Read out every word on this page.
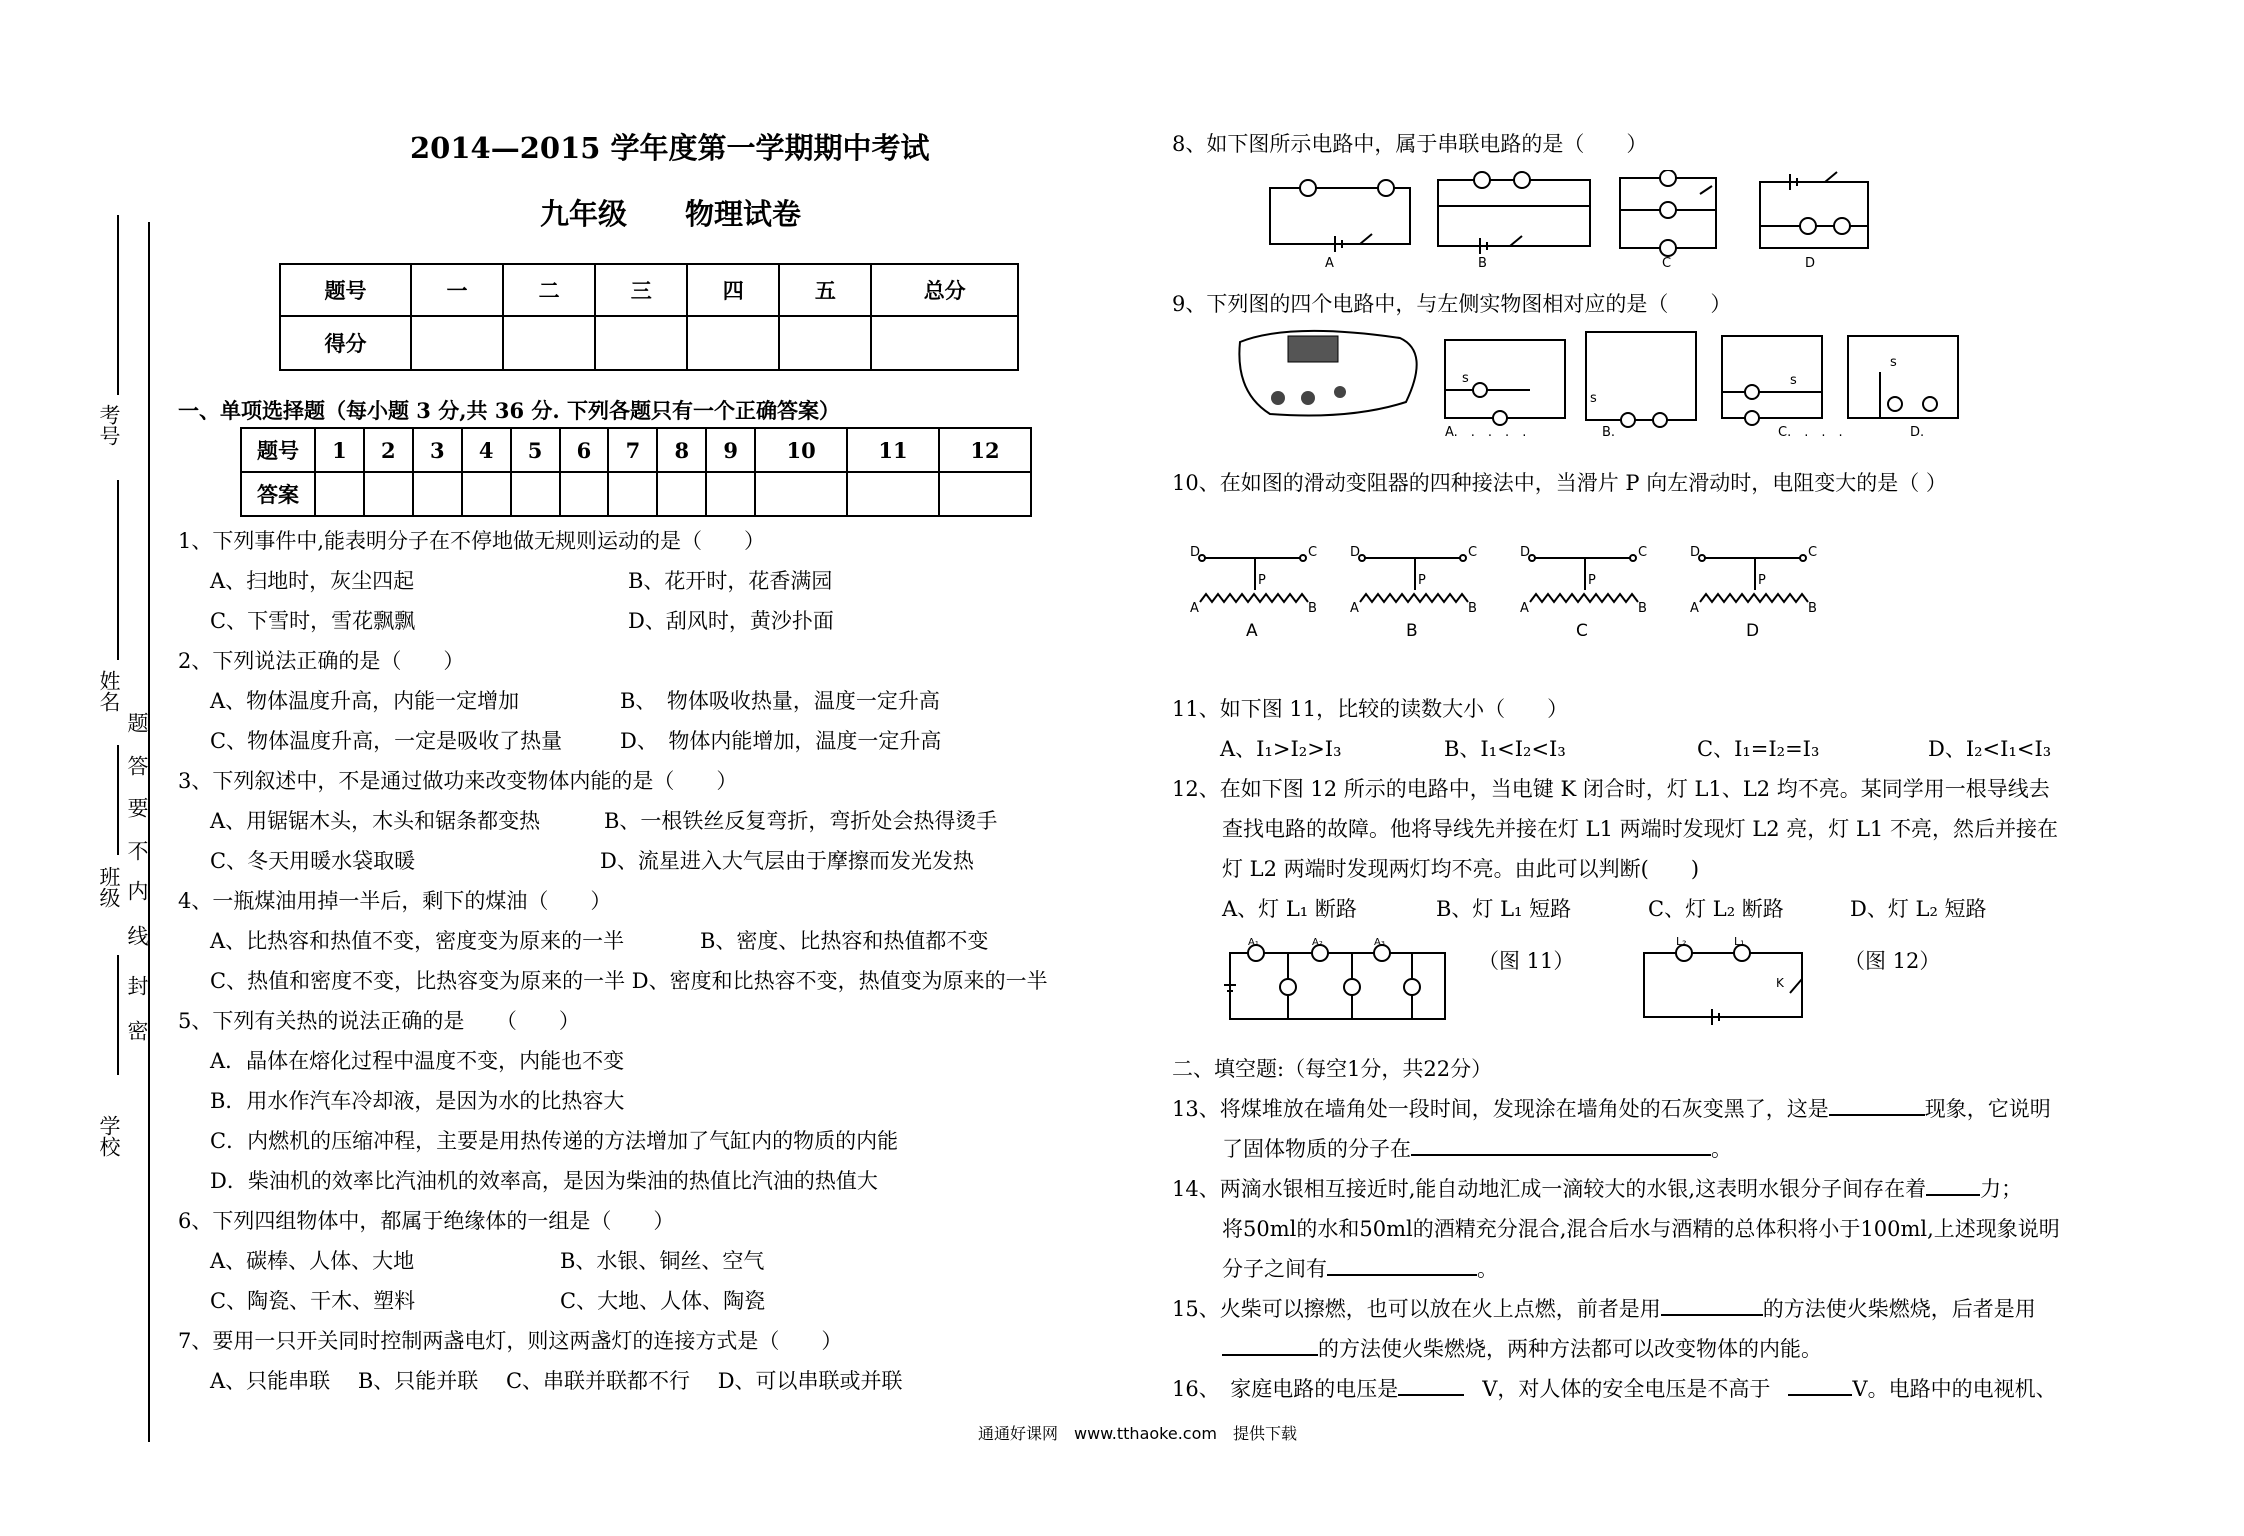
2014—2015 学年度第一学期期中考试
九年级　　物理试卷
题号	一	二	三	四	五	总分
得分						
考号
姓名
班级
学校
密
封
线
内
不
要
答
题
一、单项选择题（每小题 3 分,共 36 分. 下列各题只有一个正确答案）
题号	1	2	3	4	5	6	7	8	9	10	11	12
答案												
1、下列事件中,能表明分子在不停地做无规则运动的是（　　）
A、扫地时，灰尘四起	B、花开时，花香满园
C、下雪时，雪花飘飘	D、刮风时，黄沙扑面
2、下列说法正确的是（　　）
A、物体温度升高，内能一定增加	B、　物体吸收热量，温度一定升高
C、物体温度升高，一定是吸收了热量	D、　物体内能增加，温度一定升高
3、下列叙述中，不是通过做功来改变物体内能的是（　　）
A、用锯锯木头，木头和锯条都变热	B、一根铁丝反复弯折，弯折处会热得烫手
C、冬天用暖水袋取暖	D、流星进入大气层由于摩擦而发光发热
4、一瓶煤油用掉一半后，剩下的煤油（　　）
A、比热容和热值不变，密度变为原来的一半	B、密度、比热容和热值都不变
C、热值和密度不变，比热容变为原来的一半 D、密度和比热容不变，热值变为原来的一半
5、下列有关热的说法正确的是　　（　　）
A．晶体在熔化过程中温度不变，内能也不变
B．用水作汽车冷却液，是因为水的比热容大
C．内燃机的压缩冲程，主要是用热传递的方法增加了气缸内的物质的内能
D．柴油机的效率比汽油机的效率高，是因为柴油的热值比汽油的热值大
6、下列四组物体中，都属于绝缘体的一组是（　　）
A、碳棒、人体、大地	B、水银、铜丝、空气
C、陶瓷、干木、塑料	C、大地、人体、陶瓷
7、要用一只开关同时控制两盏电灯，则这两盏灯的连接方式是（　　）
A、只能串联　 B、只能并联　 C、串联并联都不行　 D、可以串联或并联
8、如下图所示电路中，属于串联电路的是（　　）
A	B	C	D
9、下列图的四个电路中，与左侧实物图相对应的是（　　）
s
A.　.　.　.　.
s
B.
s
C.　.　.　.
s
D.
10、在如图的滑动变阻器的四种接法中，当滑片 P 向左滑动时，电阻变大的是（ ）
D	C
P
A	B
A
D	C
P
A	B
B
D	C
P
A	B
C
D	C
P
A	B
D
11、如下图 11，比较的读数大小（　　）
A、I₁>I₂>I₃	B、I₁<I₂<I₃	C、I₁=I₂=I₃	D、I₂<I₁<I₃
12、在如下图 12 所示的电路中，当电键 K 闭合时，灯 L1、L2 均不亮。某同学用一根导线去
查找电路的故障。他将导线先并接在灯 L1 两端时发现灯 L2 亮，灯 L1 不亮，然后并接在
灯 L2 两端时发现两灯均不亮。由此可以判断(　　)
A、灯 L₁ 断路	B、灯 L₁ 短路	C、灯 L₂ 断路	D、灯 L₂ 短路
A₁	A₂	A₃
（图 11）
L₂	L₁
K
（图 12）
二、填空题:（每空1分，共22分）
13、将煤堆放在墙角处一段时间，发现涂在墙角处的石灰变黑了，这是	现象，它说明
了固体物质的分子在	。
14、两滴水银相互接近时,能自动地汇成一滴较大的水银,这表明水银分子间存在着	力；
将50ml的水和50ml的酒精充分混合,混合后水与酒精的总体积将小于100ml,上述现象说明
分子之间有	。
15、火柴可以擦燃，也可以放在火上点燃，前者是用	的方法使火柴燃烧，后者是用
的方法使火柴燃烧，两种方法都可以改变物体的内能。
16、　家庭电路的电压是	V，对人体的安全电压是不高于	V。电路中的电视机、
通通好课网　www.tthaoke.com　提供下载
